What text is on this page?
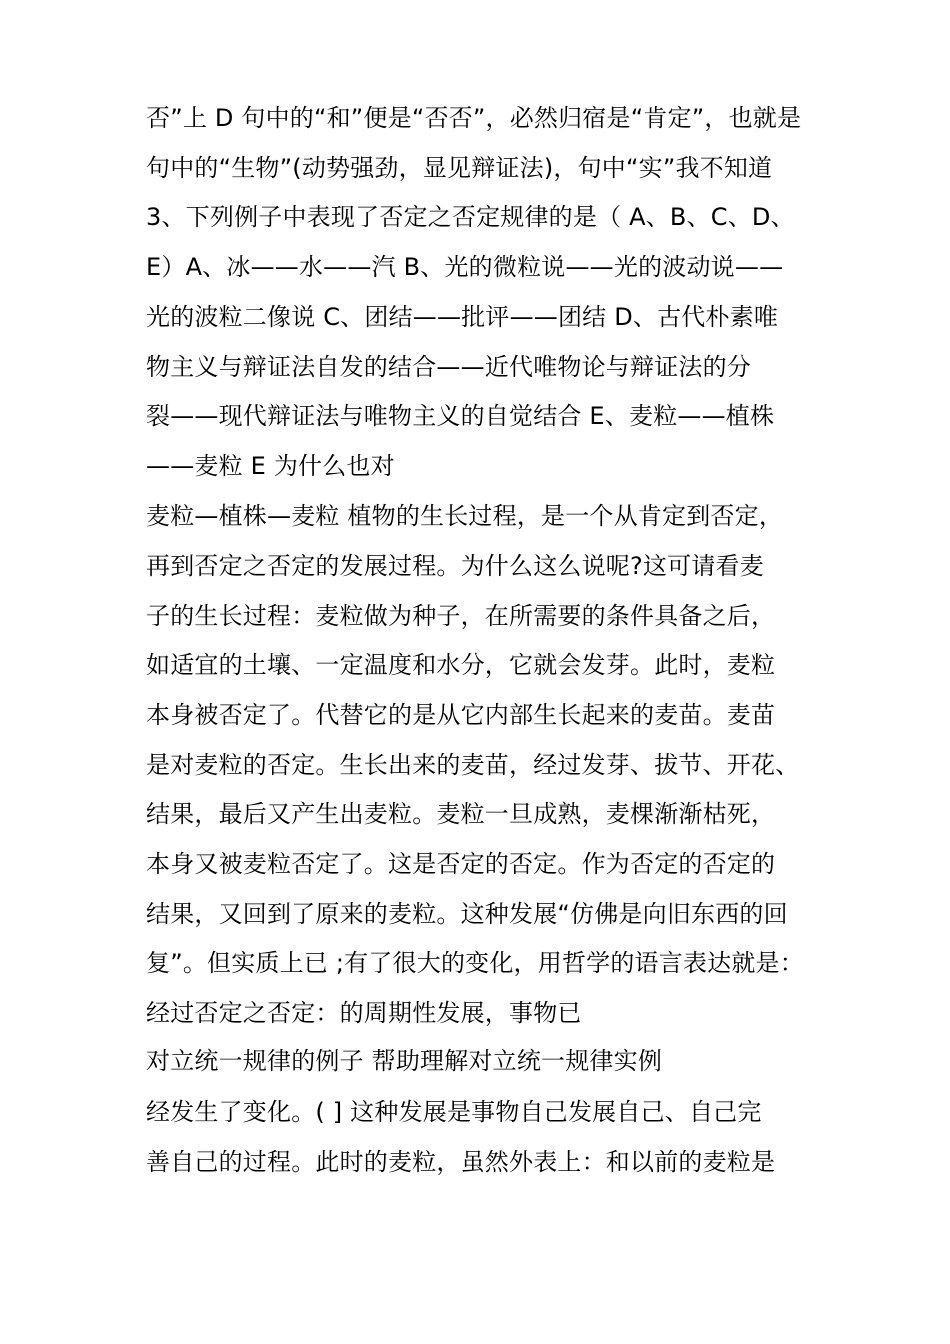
否”上 D 句中的“和”便是“否否”，必然归宿是“肯定”，也就是
句中的“生物”(动势强劲，显见辩证法)，句中“实”我不知道
3、下列例子中表现了否定之否定规律的是（ A、B、C、D、
E）A、冰——水——汽 B、光的微粒说——光的波动说——
光的波粒二像说 C、团结——批评——团结 D、古代朴素唯
物主义与辩证法自发的结合——近代唯物论与辩证法的分
裂——现代辩证法与唯物主义的自觉结合 E、麦粒——植株
——麦粒 E 为什么也对
麦粒—植株—麦粒 植物的生长过程，是一个从肯定到否定，
再到否定之否定的发展过程。为什么这么说呢?这可请看麦
子的生长过程：麦粒做为种子，在所需要的条件具备之后，
如适宜的土壤、一定温度和水分，它就会发芽。此时，麦粒
本身被否定了。代替它的是从它内部生长起来的麦苗。麦苗
是对麦粒的否定。生长出来的麦苗，经过发芽、拔节、开花、
结果，最后又产生出麦粒。麦粒一旦成熟，麦棵渐渐枯死，
本身又被麦粒否定了。这是否定的否定。作为否定的否定的
结果，又回到了原来的麦粒。这种发展“仿佛是向旧东西的回
复”。但实质上已 ;有了很大的变化，用哲学的语言表达就是：
经过否定之否定：的周期性发展，事物已
对立统一规律的例子 帮助理解对立统一规律实例
经发生了变化。( ] 这种发展是事物自己发展自己、自己完
善自己的过程。此时的麦粒，虽然外表上：和以前的麦粒是
